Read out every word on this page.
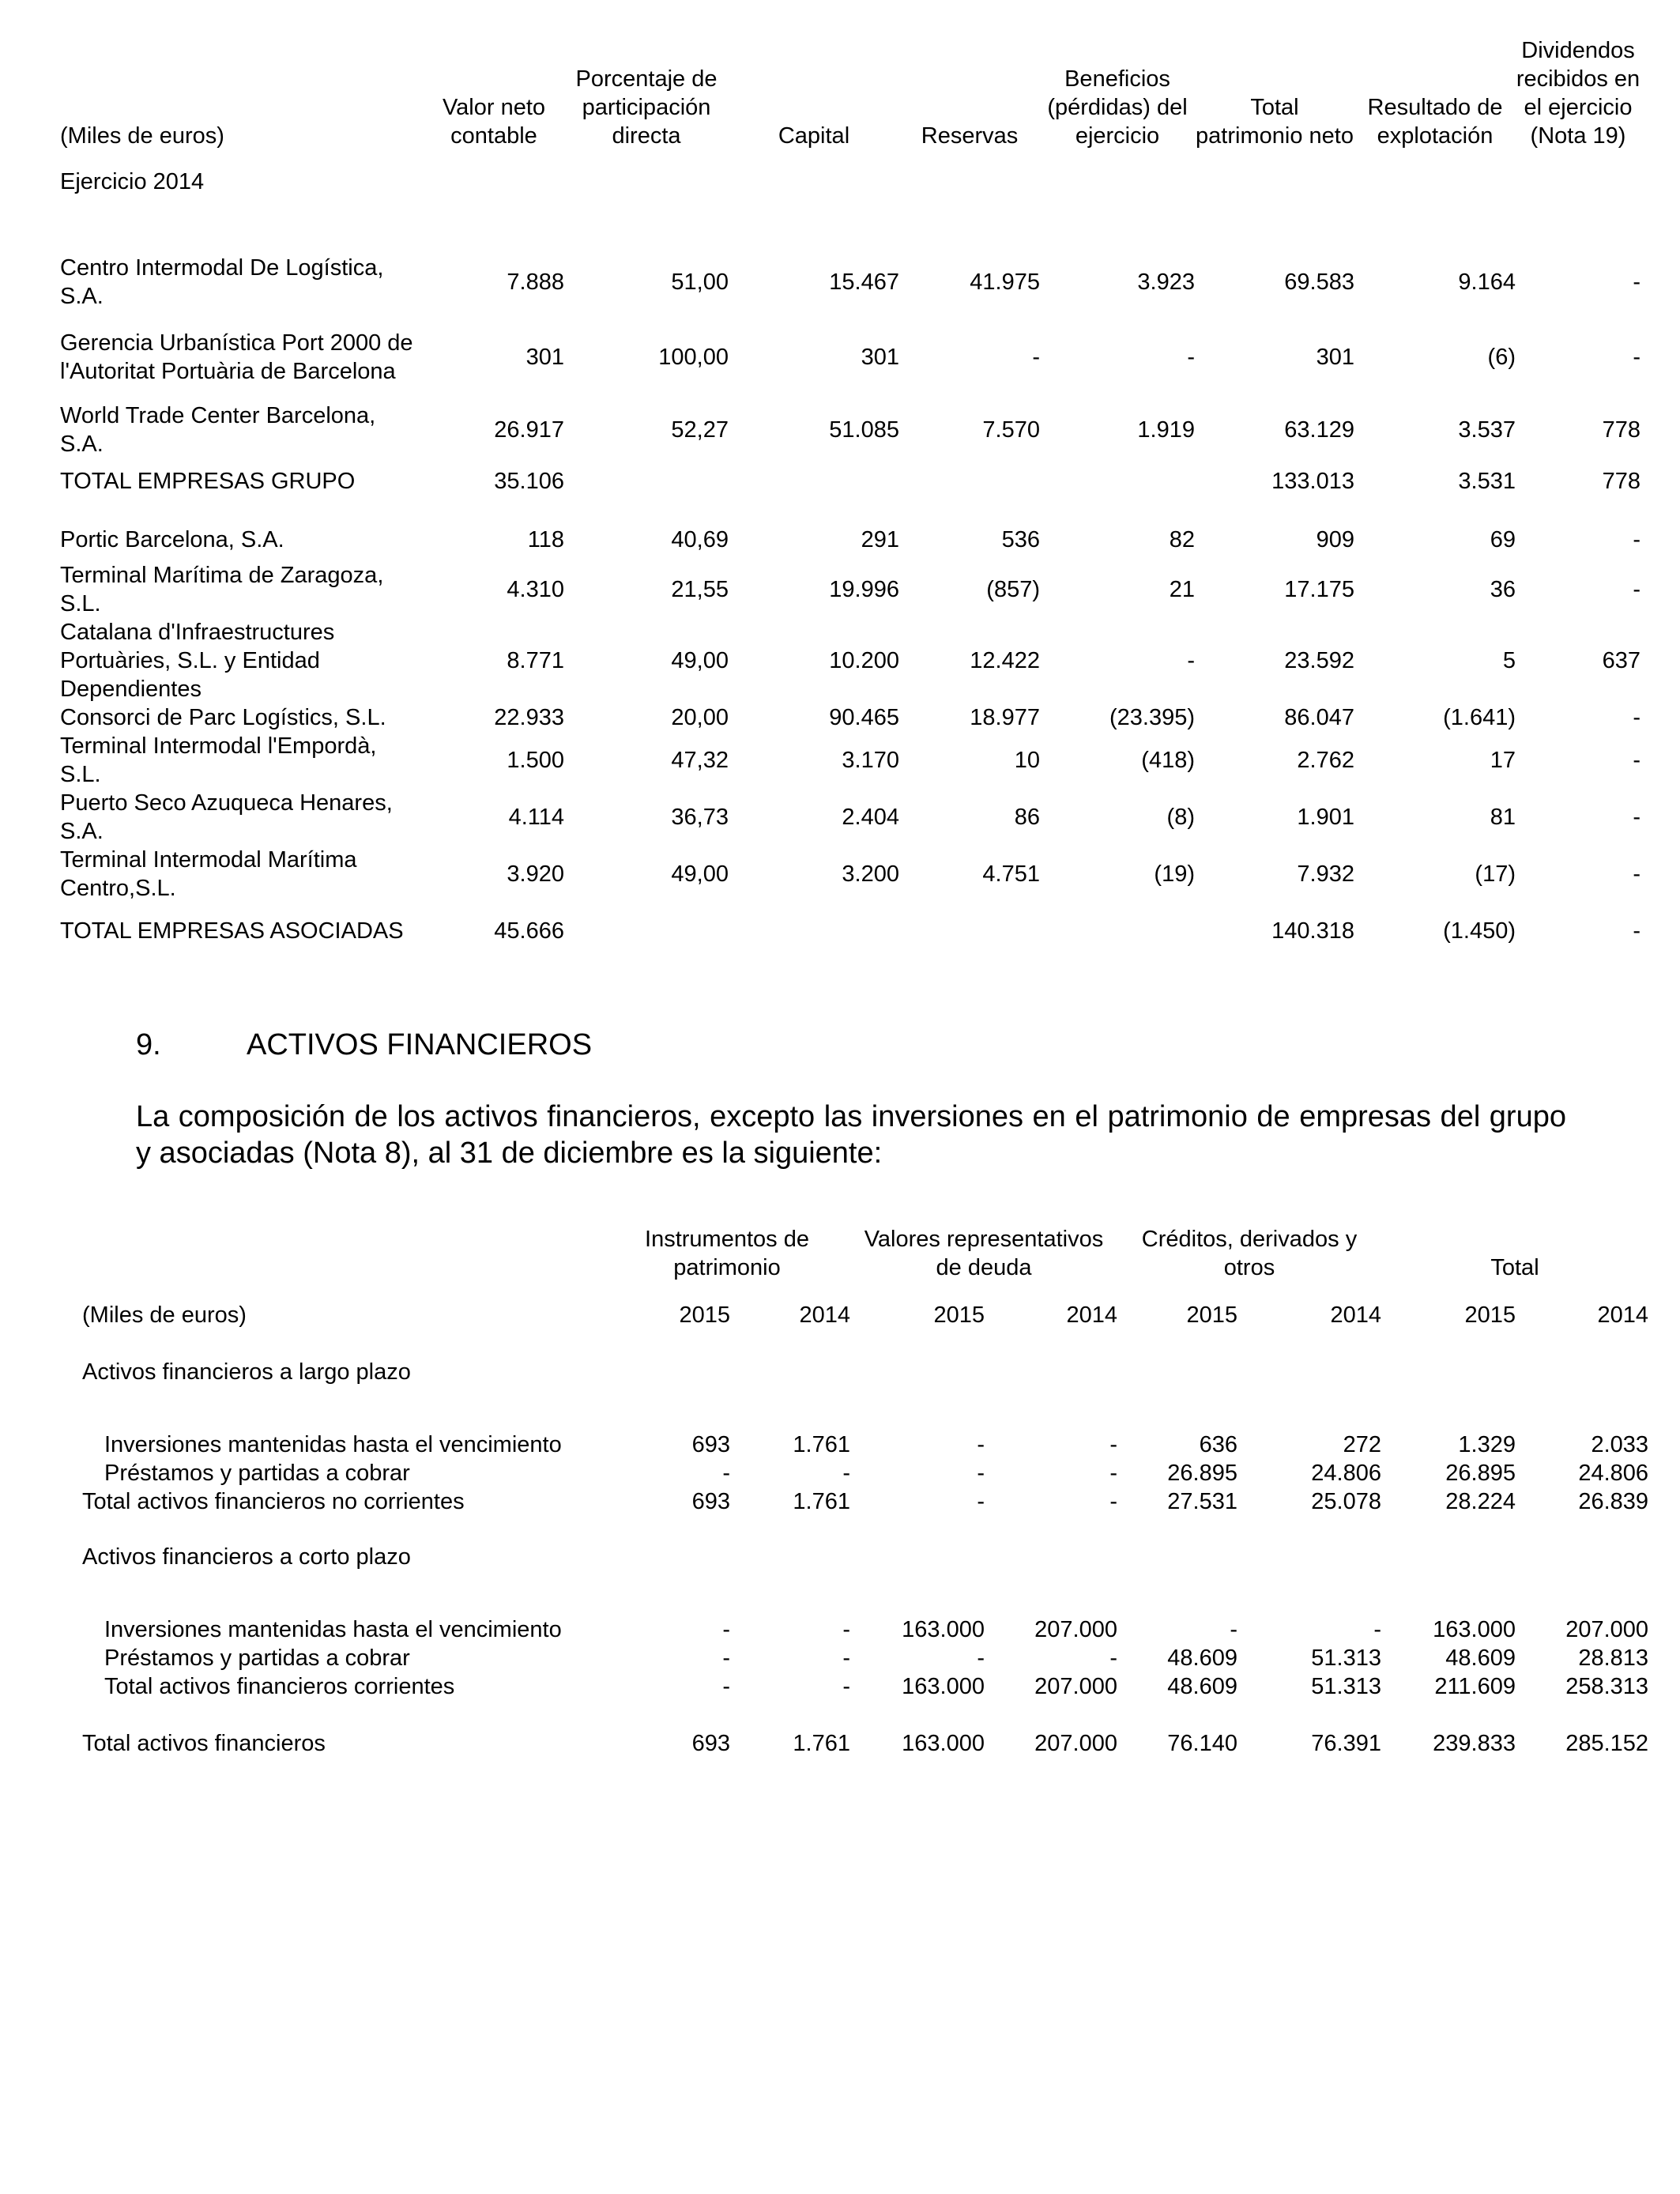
(Miles de euros)	Valor neto contable	Porcentaje de participación directa	Capital	Reservas	Beneficios (pérdidas) del ejercicio	Total patrimonio neto	Resultado de explotación	Dividendos recibidos en el ejercicio (Nota 19)
Ejercicio 2014								

Centro Intermodal De Logística, S.A.	7.888	51,00	15.467	41.975	3.923	69.583	9.164	-
Gerencia Urbanística Port 2000 de l'Autoritat Portuària de Barcelona	301	100,00	301	-	-	301	(6)	-
World Trade Center Barcelona, S.A.	26.917	52,27	51.085	7.570	1.919	63.129	3.537	778
TOTAL EMPRESAS GRUPO	35.106					133.013	3.531	778

Portic Barcelona, S.A.	118	40,69	291	536	82	909	69	-
Terminal Marítima de Zaragoza, S.L.	4.310	21,55	19.996	(857)	21	17.175	36	-
Catalana d'Infraestructures Portuàries, S.L. y Entidad Dependientes	8.771	49,00	10.200	12.422	-	23.592	5	637
Consorci de Parc Logístics, S.L.	22.933	20,00	90.465	18.977	(23.395)	86.047	(1.641)	-
Terminal Intermodal l'Empordà, S.L.	1.500	47,32	3.170	10	(418)	2.762	17	-
Puerto Seco Azuqueca Henares, S.A.	4.114	36,73	2.404	86	(8)	1.901	81	-
Terminal Intermodal Marítima Centro,S.L.	3.920	49,00	3.200	4.751	(19)	7.932	(17)	-
TOTAL EMPRESAS ASOCIADAS	45.666					140.318	(1.450)	-
9.	ACTIVOS FINANCIEROS

La composición de los activos financieros, excepto las inversiones en el patrimonio de empresas del grupo y asociadas (Nota 8), al 31 de diciembre es la siguiente:

	Instrumentos de patrimonio		Valores representativos de deuda		Créditos, derivados y otros		Total	
(Miles de euros)	2015	2014	2015	2014	2015	2014	2015	2014
Activos financieros a largo plazo								

Inversiones mantenidas hasta el vencimiento	693	1.761	-	-	636	272	1.329	2.033
Préstamos y partidas a cobrar	-	-	-	-	26.895	24.806	26.895	24.806
Total activos financieros no corrientes	693	1.761	-	-	27.531	25.078	28.224	26.839
Activos financieros a corto plazo								

Inversiones mantenidas hasta el vencimiento	-	-	163.000	207.000	-	-	163.000	207.000
Préstamos y partidas a cobrar	-	-	-	-	48.609	51.313	48.609	28.813
Total activos financieros corrientes	-	-	163.000	207.000	48.609	51.313	211.609	258.313

Total activos financieros	693	1.761	163.000	207.000	76.140	76.391	239.833	285.152
